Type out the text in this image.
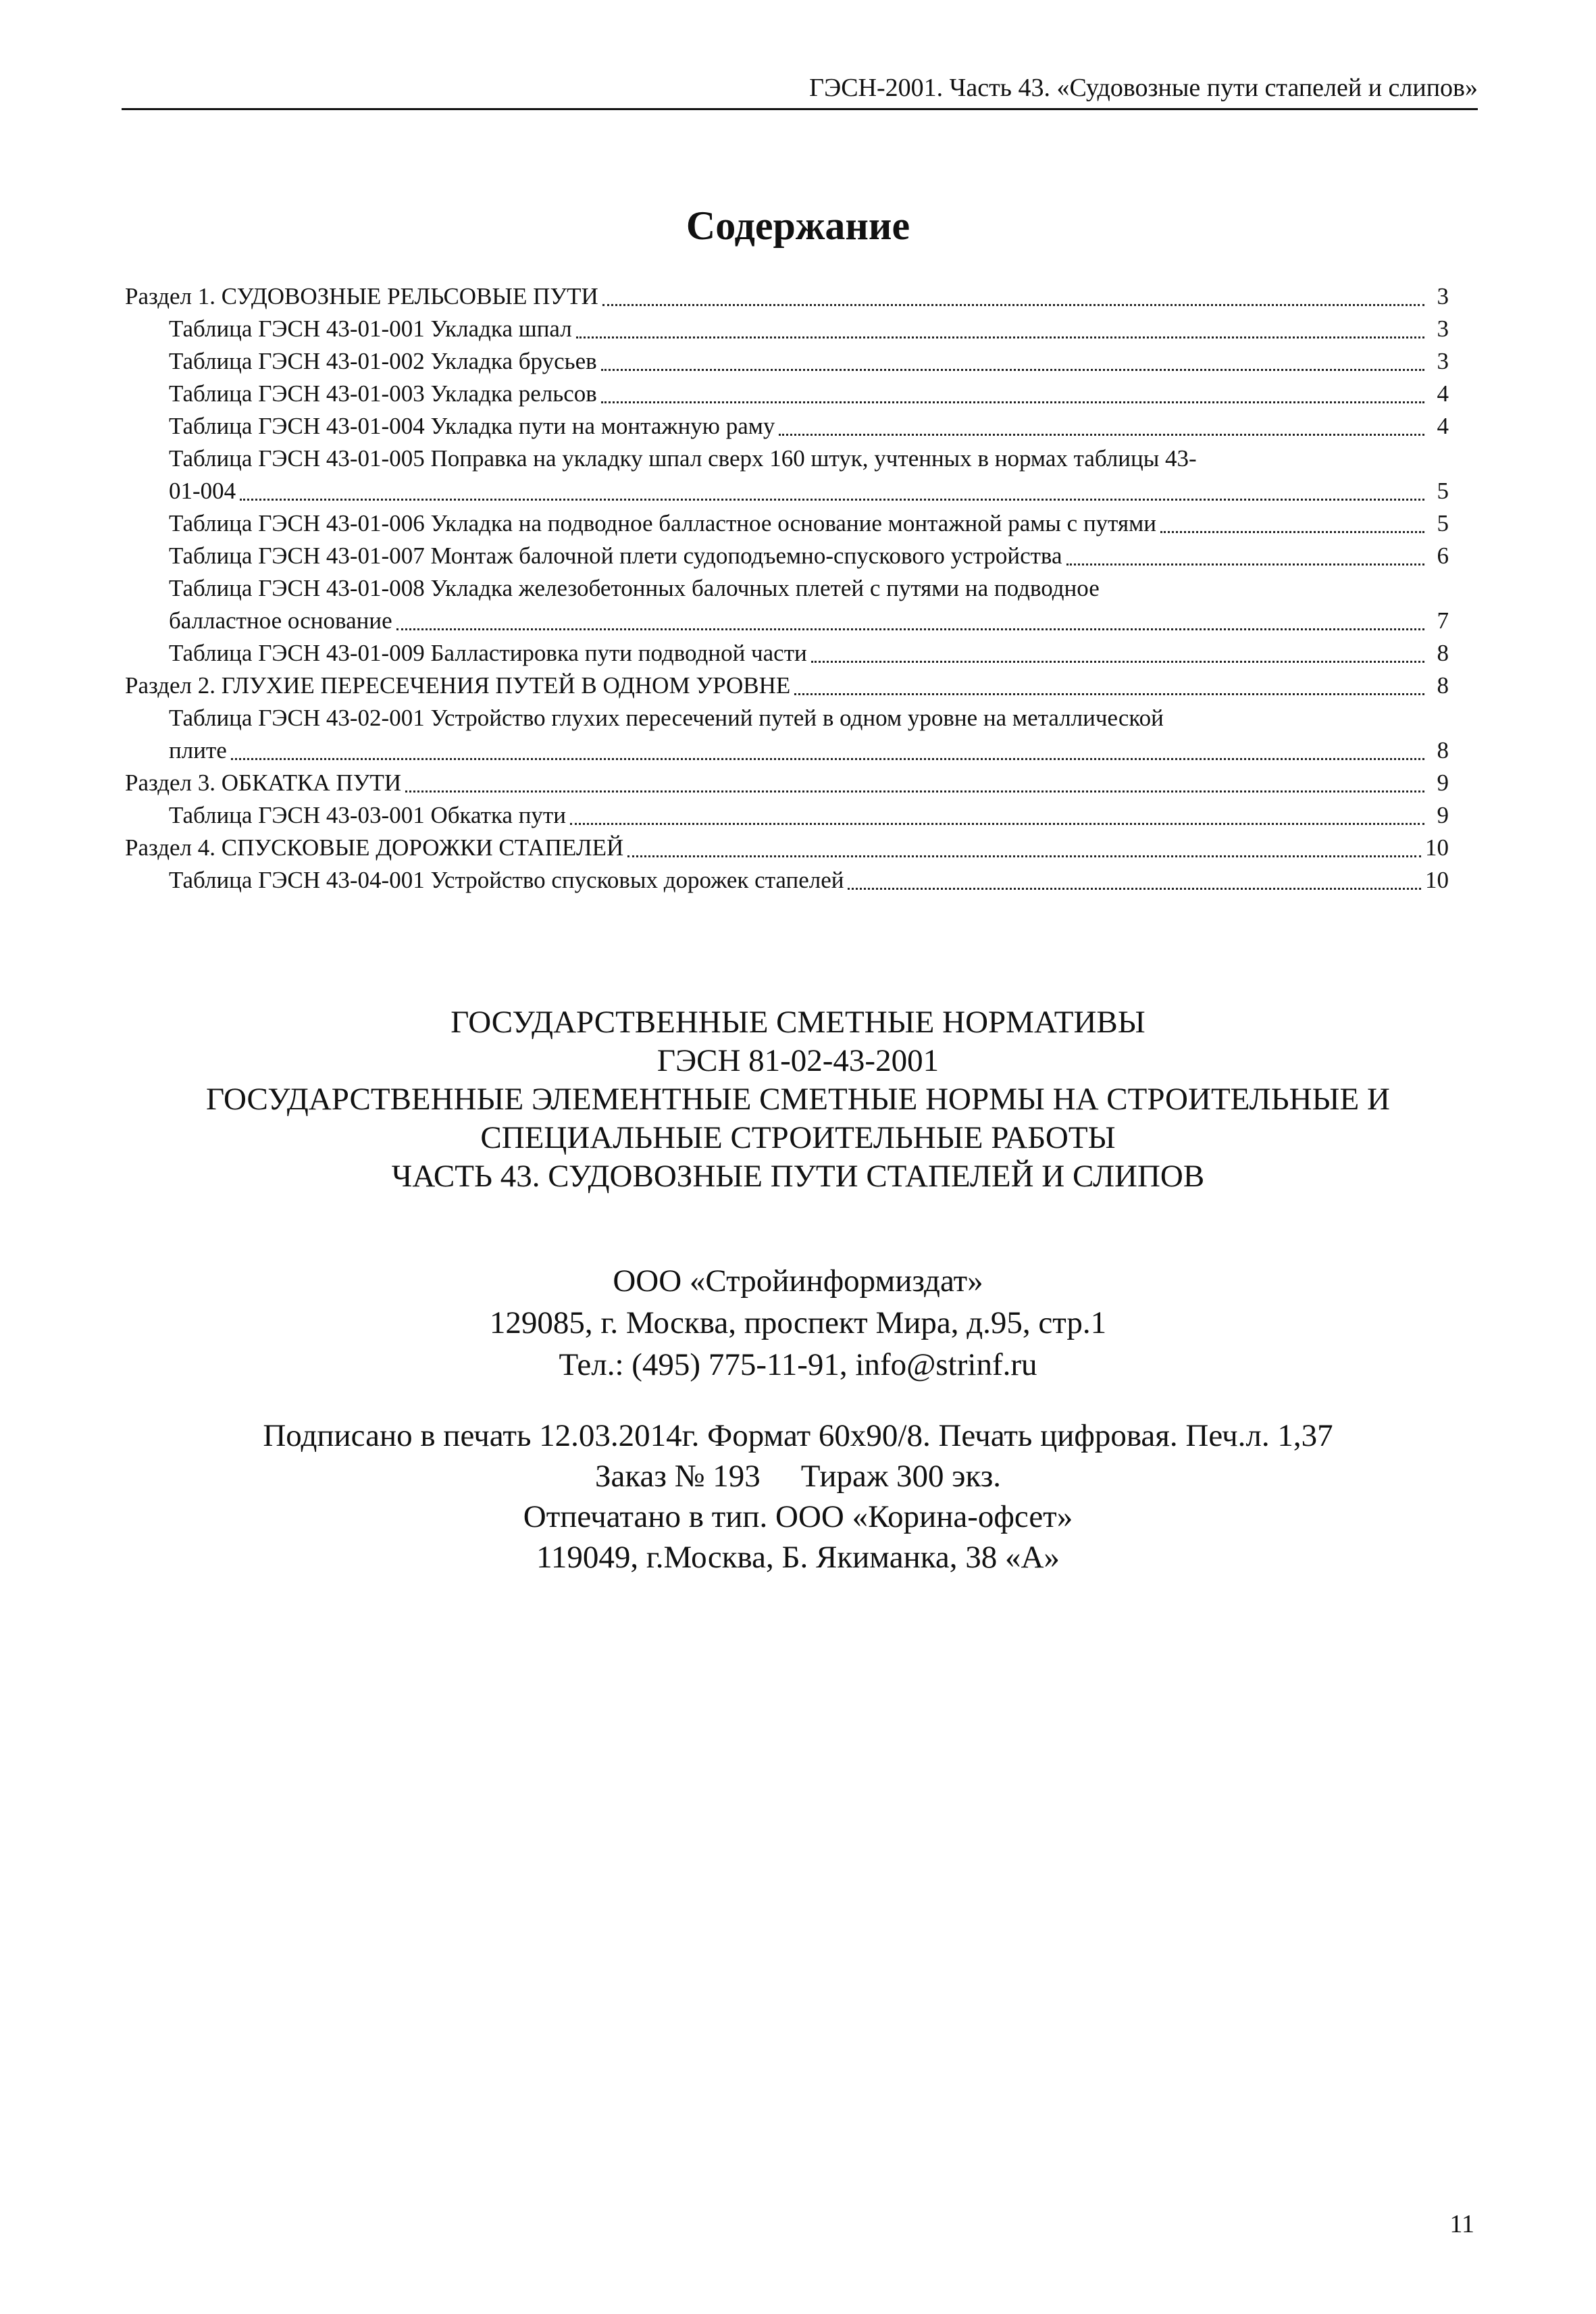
ГЭСН-2001. Часть 43. «Судовозные пути стапелей и слипов»
Содержание
Раздел 1. СУДОВОЗНЫЕ РЕЛЬСОВЫЕ ПУТИ	3
Таблица ГЭСН 43-01-001 Укладка шпал	3
Таблица ГЭСН 43-01-002 Укладка брусьев	3
Таблица ГЭСН 43-01-003 Укладка рельсов	4
Таблица ГЭСН 43-01-004 Укладка пути на монтажную раму	4
Таблица ГЭСН 43-01-005 Поправка на укладку шпал сверх 160 штук, учтенных в нормах таблицы 43-
01-004	5
Таблица ГЭСН 43-01-006 Укладка на подводное балластное основание монтажной рамы с путями	5
Таблица ГЭСН 43-01-007 Монтаж балочной плети судоподъемно-спускового устройства	6
Таблица ГЭСН 43-01-008 Укладка железобетонных балочных плетей с путями на подводное
балластное основание	7
Таблица ГЭСН 43-01-009 Балластировка пути подводной части	8
Раздел 2. ГЛУХИЕ ПЕРЕСЕЧЕНИЯ ПУТЕЙ В ОДНОМ УРОВНЕ	8
Таблица ГЭСН 43-02-001 Устройство глухих пересечений путей в одном уровне на металлической
плите	8
Раздел 3. ОБКАТКА ПУТИ	9
Таблица ГЭСН 43-03-001 Обкатка пути	9
Раздел 4. СПУСКОВЫЕ ДОРОЖКИ СТАПЕЛЕЙ	10
Таблица ГЭСН 43-04-001 Устройство спусковых дорожек стапелей	10
ГОСУДАРСТВЕННЫЕ СМЕТНЫЕ НОРМАТИВЫ
ГЭСН 81-02-43-2001
ГОСУДАРСТВЕННЫЕ ЭЛЕМЕНТНЫЕ СМЕТНЫЕ НОРМЫ НА СТРОИТЕЛЬНЫЕ И
СПЕЦИАЛЬНЫЕ СТРОИТЕЛЬНЫЕ РАБОТЫ
ЧАСТЬ 43. СУДОВОЗНЫЕ ПУТИ СТАПЕЛЕЙ И СЛИПОВ
ООО «Стройинформиздат»
129085, г. Москва, проспект Мира, д.95, стр.1
Тел.: (495) 775-11-91, info@strinf.ru
Подписано в печать 12.03.2014г. Формат 60х90/8. Печать цифровая. Печ.л. 1,37
Заказ № 193 Тираж 300 экз.
Отпечатано в тип. ООО «Корина-офсет»
119049, г.Москва, Б. Якиманка, 38 «А»
11
